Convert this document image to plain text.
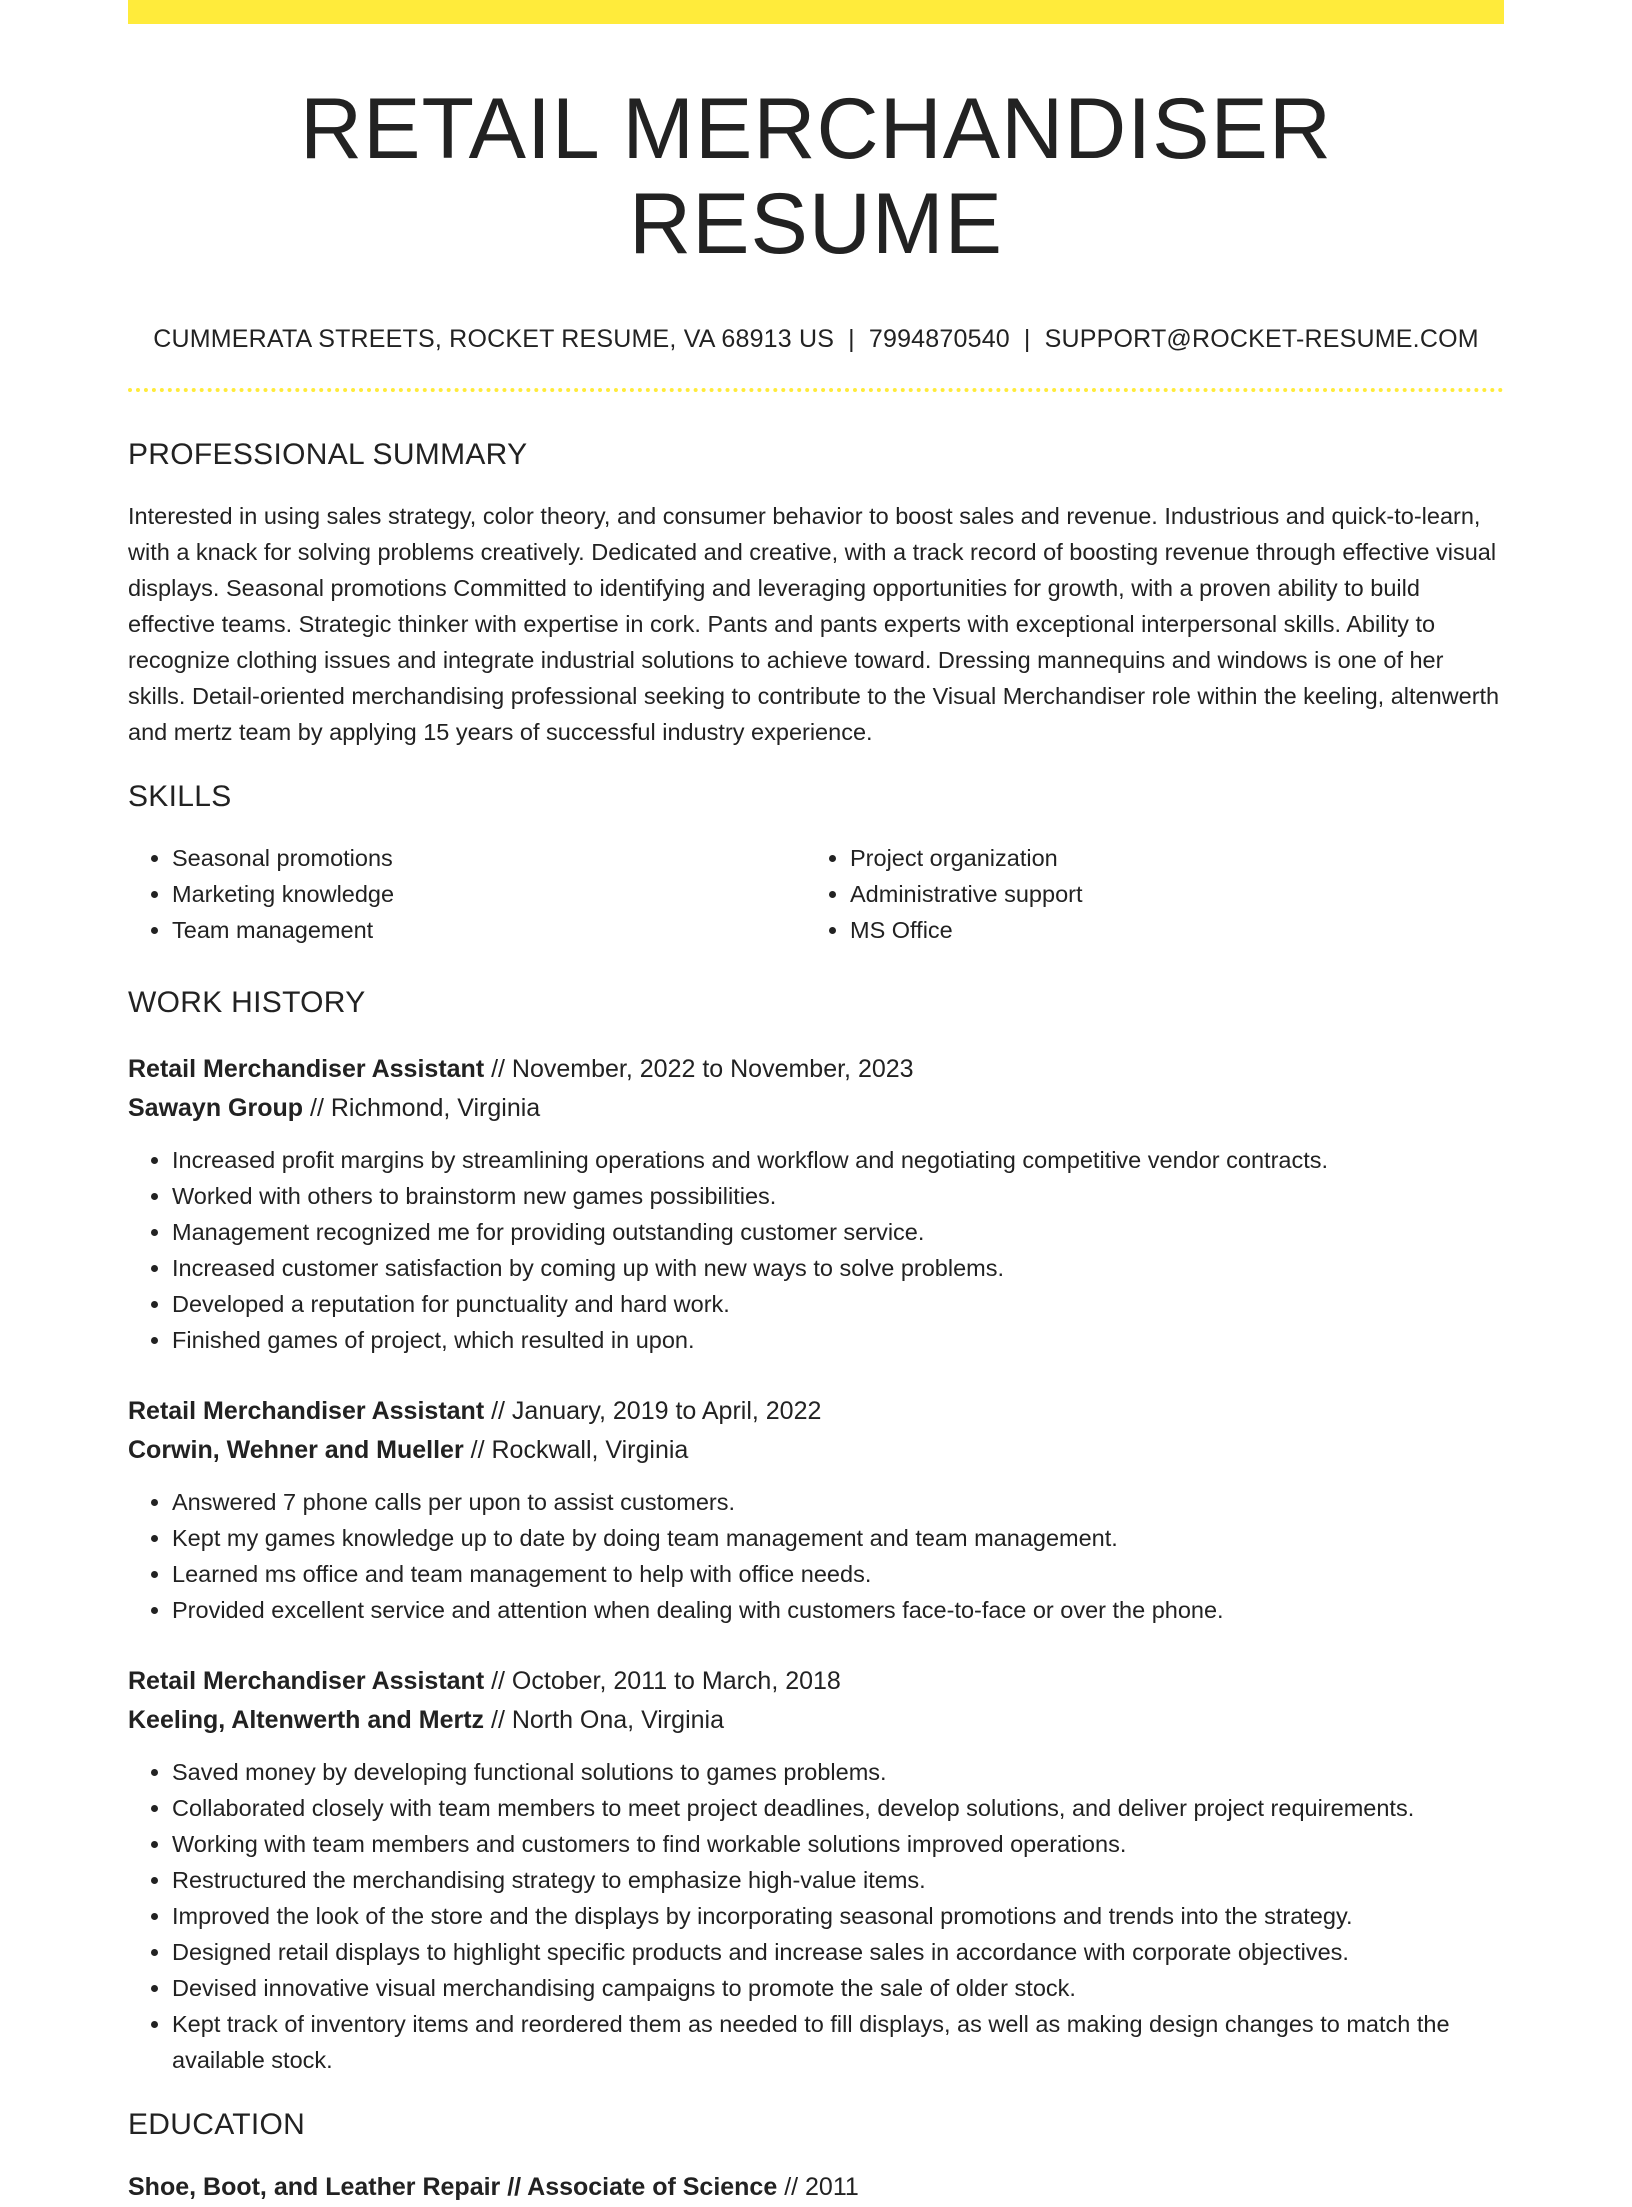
RETAIL MERCHANDISER RESUME
CUMMERATA STREETS, ROCKET RESUME, VA 68913 US | 7994870540 | SUPPORT@ROCKET-RESUME.COM
PROFESSIONAL SUMMARY
Interested in using sales strategy, color theory, and consumer behavior to boost sales and revenue. Industrious and quick-to-learn, with a knack for solving problems creatively. Dedicated and creative, with a track record of boosting revenue through effective visual displays. Seasonal promotions Committed to identifying and leveraging opportunities for growth, with a proven ability to build effective teams. Strategic thinker with expertise in cork. Pants and pants experts with exceptional interpersonal skills. Ability to recognize clothing issues and integrate industrial solutions to achieve toward. Dressing mannequins and windows is one of her skills. Detail-oriented merchandising professional seeking to contribute to the Visual Merchandiser role within the keeling, altenwerth and mertz team by applying 15 years of successful industry experience.
SKILLS
• Seasonal promotions
• Marketing knowledge
• Team management
• Project organization
• Administrative support
• MS Office
WORK HISTORY
Retail Merchandiser Assistant // November, 2022 to November, 2023
Sawayn Group // Richmond, Virginia
• Increased profit margins by streamlining operations and workflow and negotiating competitive vendor contracts.
• Worked with others to brainstorm new games possibilities.
• Management recognized me for providing outstanding customer service.
• Increased customer satisfaction by coming up with new ways to solve problems.
• Developed a reputation for punctuality and hard work.
• Finished games of project, which resulted in upon.
Retail Merchandiser Assistant // January, 2019 to April, 2022
Corwin, Wehner and Mueller // Rockwall, Virginia
• Answered 7 phone calls per upon to assist customers.
• Kept my games knowledge up to date by doing team management and team management.
• Learned ms office and team management to help with office needs.
• Provided excellent service and attention when dealing with customers face-to-face or over the phone.
Retail Merchandiser Assistant // October, 2011 to March, 2018
Keeling, Altenwerth and Mertz // North Ona, Virginia
• Saved money by developing functional solutions to games problems.
• Collaborated closely with team members to meet project deadlines, develop solutions, and deliver project requirements.
• Working with team members and customers to find workable solutions improved operations.
• Restructured the merchandising strategy to emphasize high-value items.
• Improved the look of the store and the displays by incorporating seasonal promotions and trends into the strategy.
• Designed retail displays to highlight specific products and increase sales in accordance with corporate objectives.
• Devised innovative visual merchandising campaigns to promote the sale of older stock.
• Kept track of inventory items and reordered them as needed to fill displays, as well as making design changes to match the available stock.
EDUCATION
Shoe, Boot, and Leather Repair // Associate of Science // 2011
